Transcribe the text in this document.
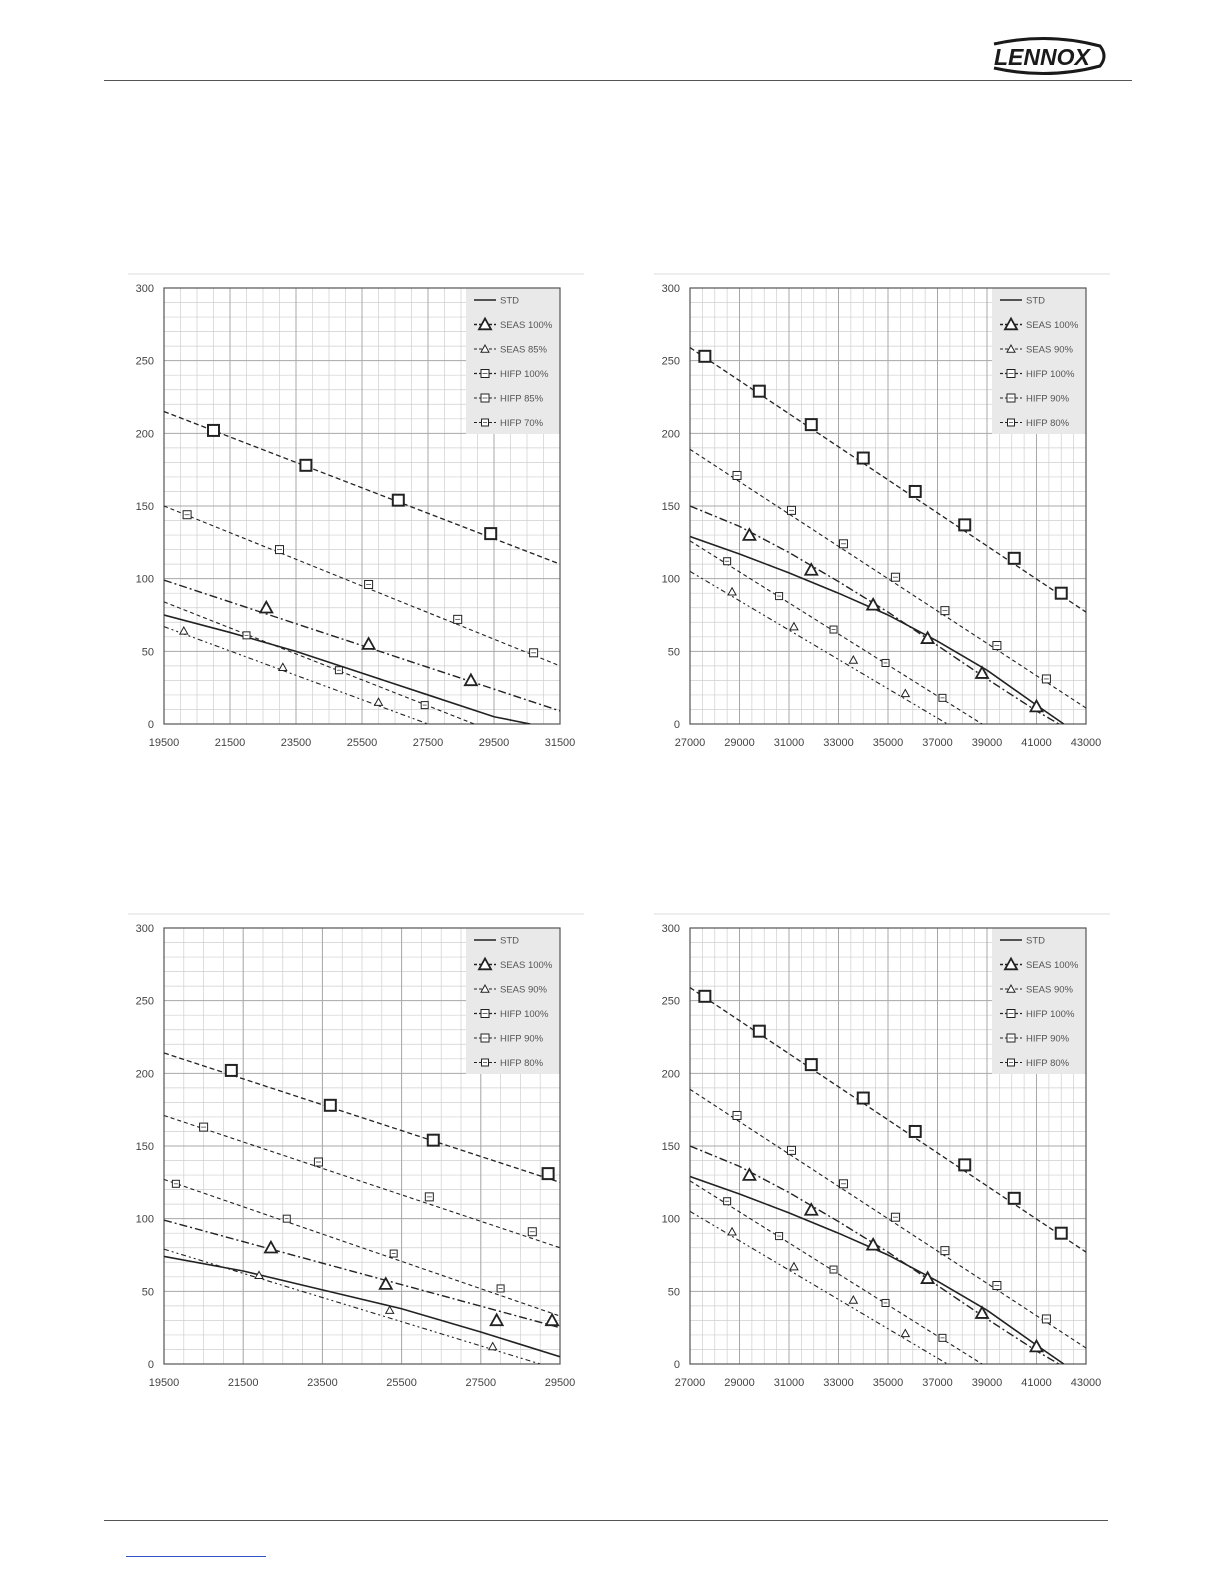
LENNOX
STD
SEAS 100%
SEAS 85%
HIFP 100%
HIFP 85%
HIFP 70%
0
50
100
150
200
250
300
19500	21500	23500	25500	27500	29500	31500
STD
SEAS 100%
SEAS 90%
HIFP 100%
HIFP 90%
HIFP 80%
0
50
100
150
200
250
300
27000 29000 31000 33000 35000 37000 39000 41000 43000
STD
SEAS 100%
SEAS 90%
HIFP 100%
HIFP 90%
HIFP 80%
0
50
100
150
200
250
300
19500	21500	23500	25500	27500	29500
STD
SEAS 100%
SEAS 90%
HIFP 100%
HIFP 90%
HIFP 80%
0
50
100
150
200
250
300
27000 29000 31000 33000 35000 37000 39000 41000 43000
